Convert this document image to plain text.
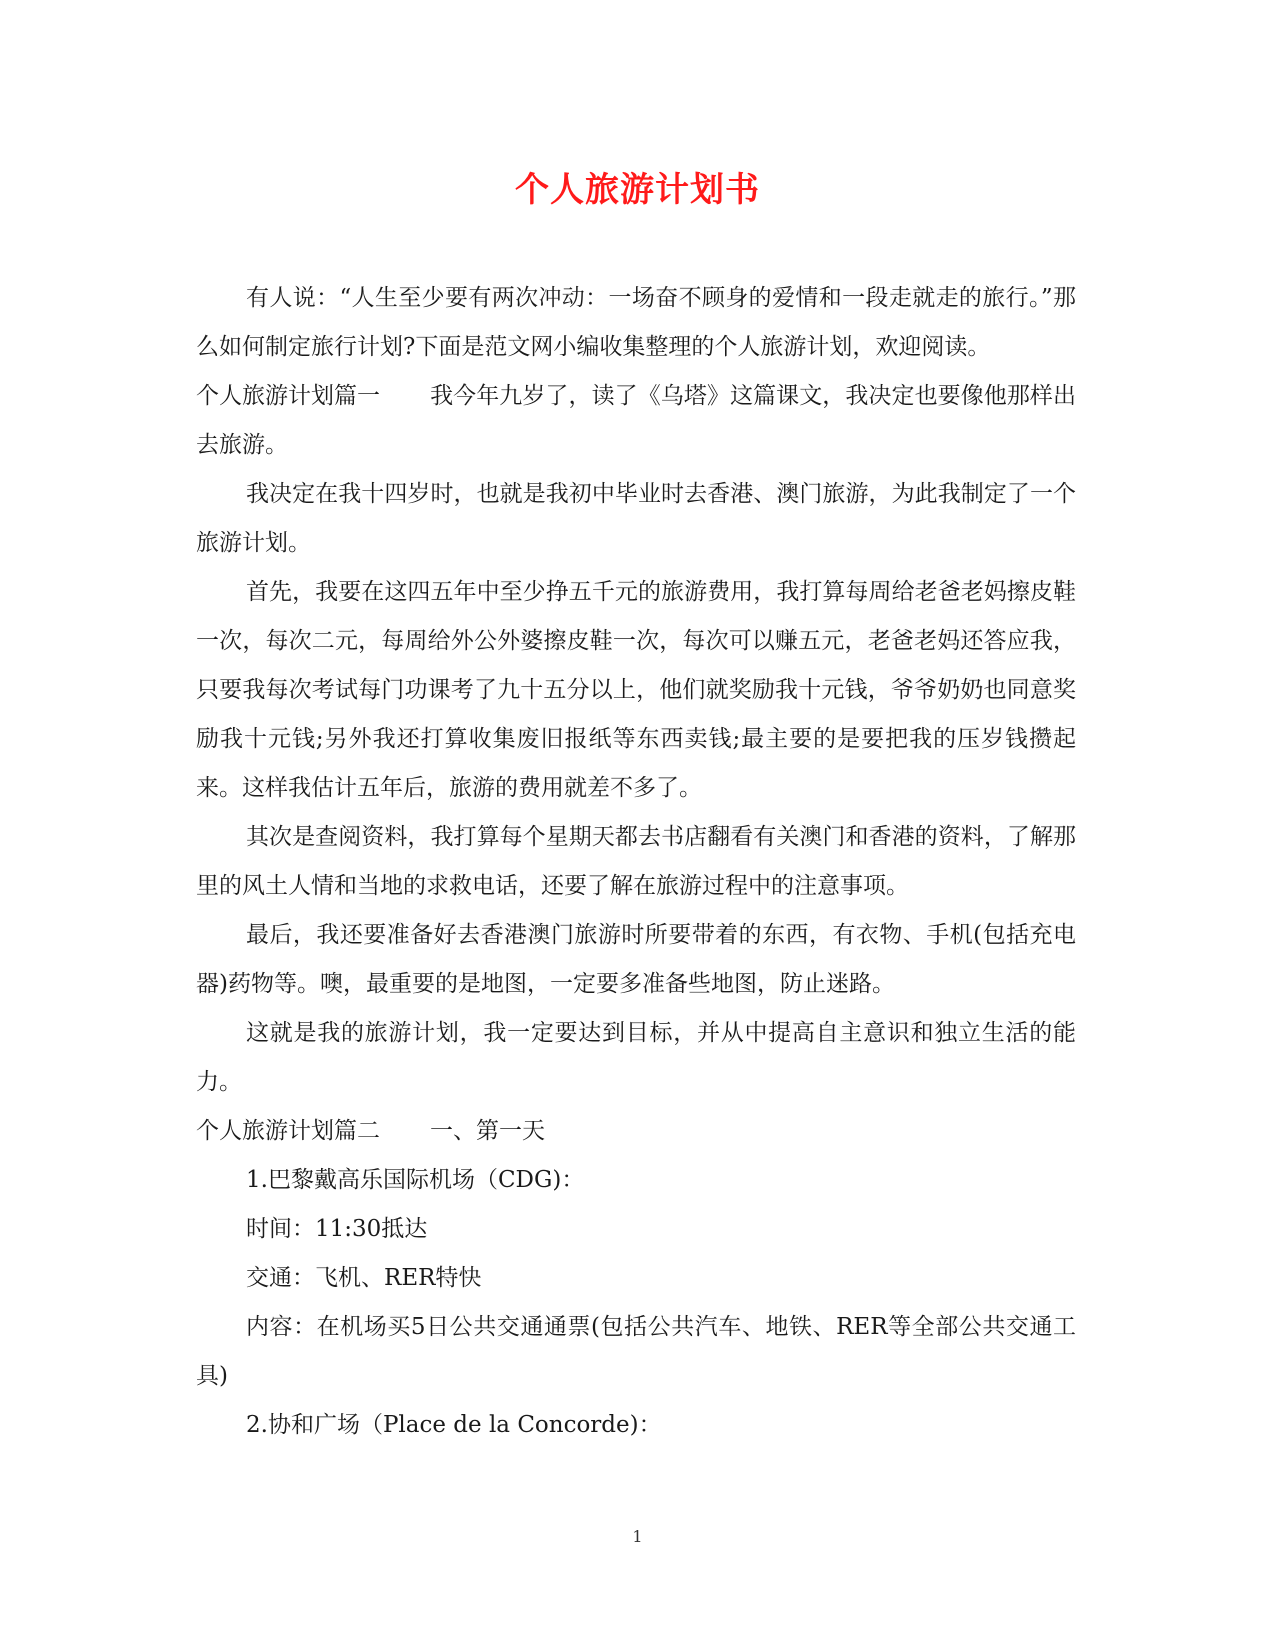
个人旅游计划书

有人说：“人生至少要有两次冲动：一场奋不顾身的爱情和一段走就走的旅行。”那么如何制定旅行计划?下面是范文网小编收集整理的个人旅游计划，欢迎阅读。

个人旅游计划篇一 我今年九岁了，读了《乌塔》这篇课文，我决定也要像他那样出去旅游。

我决定在我十四岁时，也就是我初中毕业时去香港、澳门旅游，为此我制定了一个旅游计划。

首先，我要在这四五年中至少挣五千元的旅游费用，我打算每周给老爸老妈擦皮鞋一次，每次二元，每周给外公外婆擦皮鞋一次，每次可以赚五元，老爸老妈还答应我，只要我每次考试每门功课考了九十五分以上，他们就奖励我十元钱，爷爷奶奶也同意奖励我十元钱;另外我还打算收集废旧报纸等东西卖钱;最主要的是要把我的压岁钱攒起来。这样我估计五年后，旅游的费用就差不多了。

其次是查阅资料，我打算每个星期天都去书店翻看有关澳门和香港的资料，了解那里的风土人情和当地的求救电话，还要了解在旅游过程中的注意事项。

最后，我还要准备好去香港澳门旅游时所要带着的东西，有衣物、手机(包括充电器)药物等。噢，最重要的是地图，一定要多准备些地图，防止迷路。

这就是我的旅游计划，我一定要达到目标，并从中提高自主意识和独立生活的能力。

个人旅游计划篇二 一、第一天

1.巴黎戴高乐国际机场（CDG)：

时间：11:30抵达

交通：飞机、RER特快

内容：在机场买5日公共交通通票(包括公共汽车、地铁、RER等全部公共交通工具)

2.协和广场（Place de la Concorde)：

1
